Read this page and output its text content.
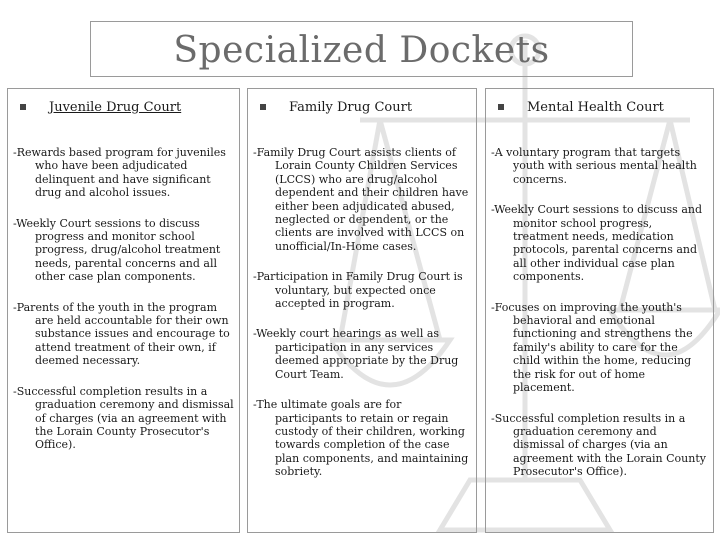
Specialized Dockets
Juvenile Drug Court

-Rewards based program for juveniles who have been adjudicated delinquent and have significant drug and alcohol issues.

-Weekly Court sessions to discuss progress and monitor school progress, drug/alcohol treatment needs, parental concerns and all other case plan components.

-Parents of the youth in the program are held accountable for their own substance issues and encourage to attend treatment of their own, if deemed necessary.

-Successful completion results in a graduation ceremony and dismissal of charges (via an agreement with the Lorain County Prosecutor's Office).

Family Drug Court

-Family Drug Court assists clients of Lorain County Children Services (LCCS) who are drug/alcohol dependent and their children have either been adjudicated abused, neglected or dependent, or the clients are involved with LCCS on unofficial/In-Home cases.

-Participation in Family Drug Court is voluntary, but expected once accepted in program.

-Weekly court hearings as well as participation in any services deemed appropriate by the Drug Court Team.

-The ultimate goals are for participants to retain or regain custody of their children, working towards completion of the case plan components, and maintaining sobriety.

Mental Health Court

-A voluntary program that targets youth with serious mental health concerns.

-Weekly Court sessions to discuss and monitor school progress, treatment needs, medication protocols, parental concerns and all other individual case plan components.

-Focuses on improving the youth's behavioral and emotional functioning and strengthens the family's ability to care for the child within the home, reducing the risk for out of home placement.

-Successful completion results in a graduation ceremony and dismissal of charges (via an agreement with the Lorain County Prosecutor's Office).
